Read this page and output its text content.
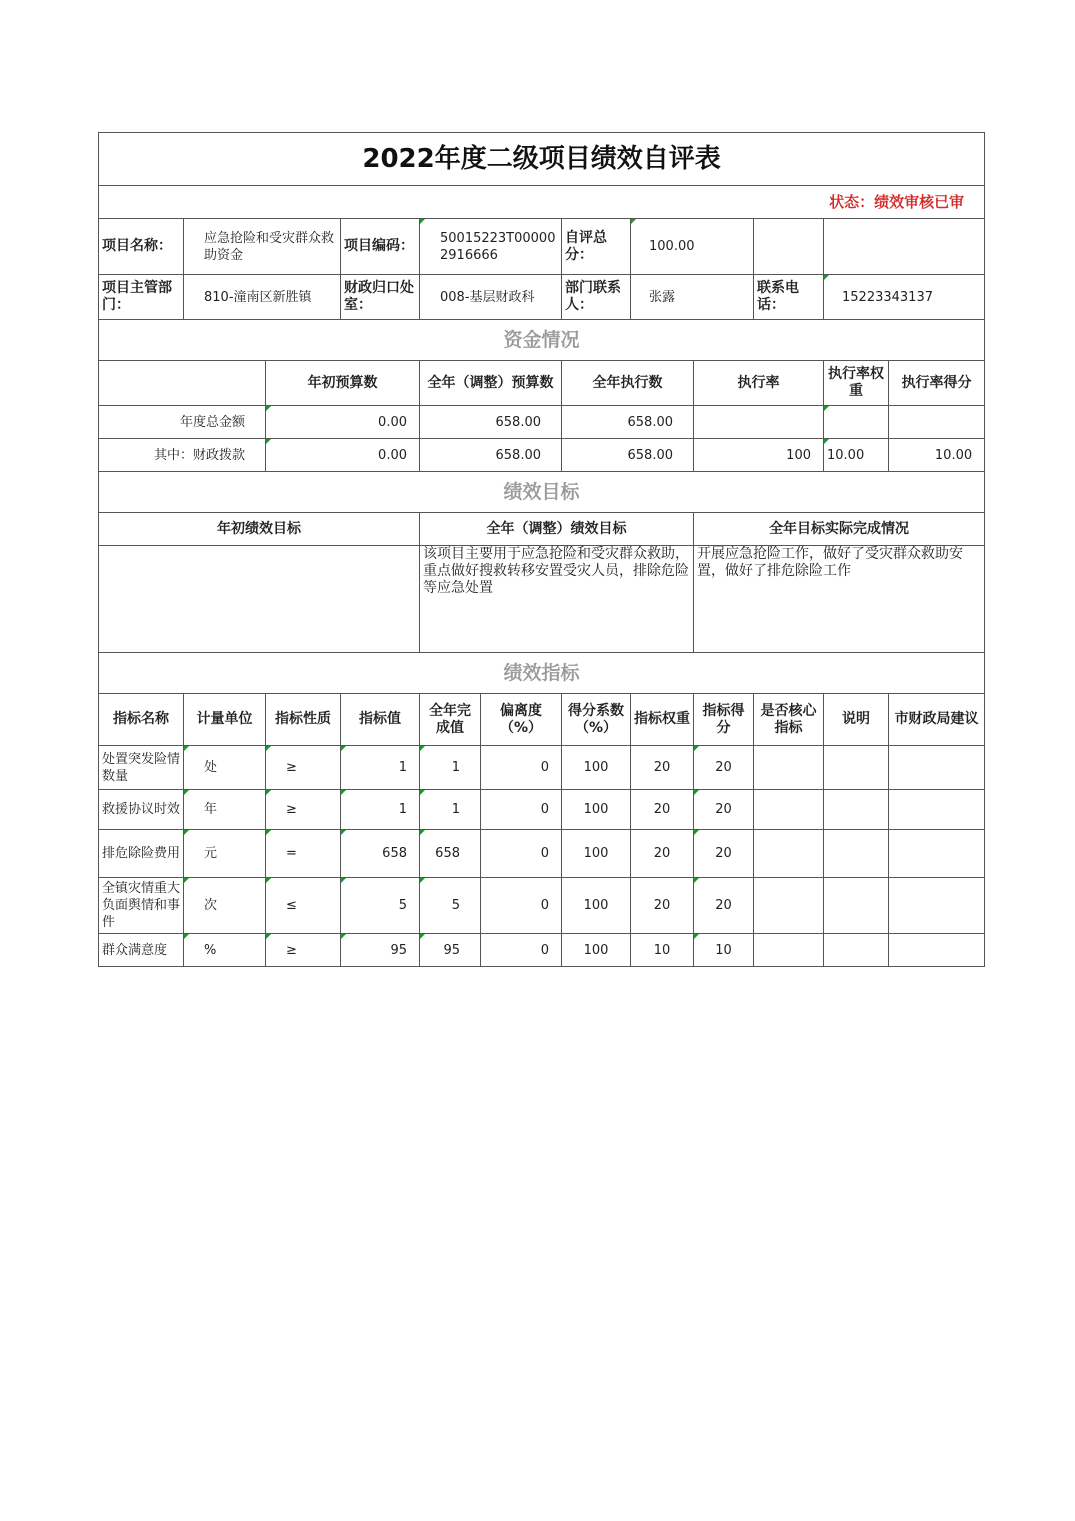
2022年度二级项目绩效自评表											
状态：绩效审核已审											
项目名称：	应急抢险和受灾群众救助资金		项目编码：	50015223T000002916666		自评总分：	100.00				
项目主管部门：	810-潼南区新胜镇		财政归口处室：	008-基层财政科		部门联系人：	张露		联系电话：	15223343137	
资金情况											
		年初预算数		全年（调整）预算数		全年执行数		执行率		执行率权重	执行率得分
年度总金额		0.00		658.00		658.00					
其中：财政拨款		0.00		658.00		658.00		100		10.00	10.00
绩效目标											
年初绩效目标				全年（调整）绩效目标				全年目标实际完成情况			
				该项目主要用于应急抢险和受灾群众救助，重点做好搜救转移安置受灾人员，排除危险等应急处置				开展应急抢险工作，做好了受灾群众救助安置，做好了排危除险工作			
绩效指标											
指标名称	计量单位	指标性质	指标值	全年完成值	偏离度（%）	得分系数（%）	指标权重	指标得分	是否核心指标	说明	市财政局建议
处置突发险情数量	处	≥	1	1	0	100	20	20			
救援协议时效	年	≥	1	1	0	100	20	20			
排危除险费用	元	=	658	658	0	100	20	20			
全镇灾情重大负面舆情和事件	次	≤	5	5	0	100	20	20			
群众满意度	%	≥	95	95	0	100	10	10			
